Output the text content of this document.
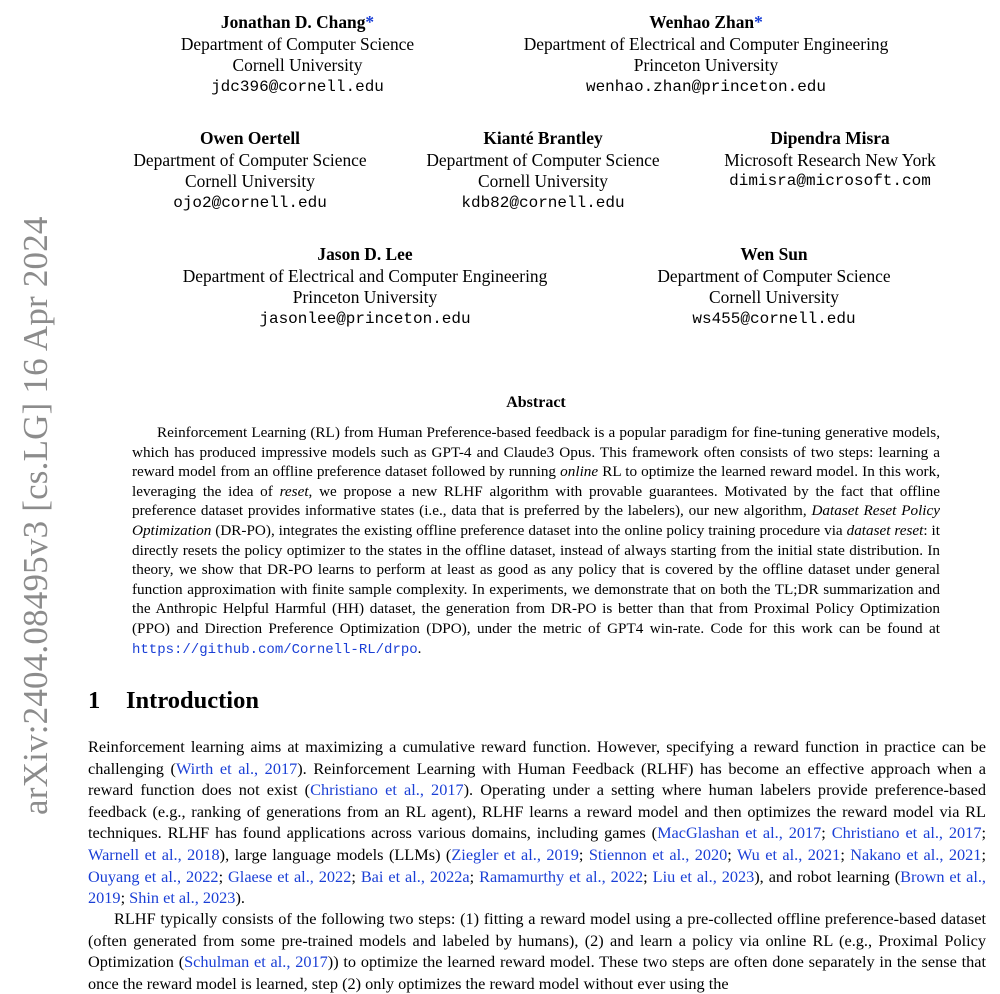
arXiv:2404.08495v3 [cs.LG] 16 Apr 2024
Jonathan D. Chang*
Department of Computer Science
Cornell University
jdc396@cornell.edu
Wenhao Zhan*
Department of Electrical and Computer Engineering
Princeton University
wenhao.zhan@princeton.edu
Owen Oertell
Department of Computer Science
Cornell University
ojo2@cornell.edu
Kianté Brantley
Department of Computer Science
Cornell University
kdb82@cornell.edu
Dipendra Misra
Microsoft Research New York
dimisra@microsoft.com
Jason D. Lee
Department of Electrical and Computer Engineering
Princeton University
jasonlee@princeton.edu
Wen Sun
Department of Computer Science
Cornell University
ws455@cornell.edu
Abstract

Reinforcement Learning (RL) from Human Preference-based feedback is a popular paradigm for fine-tuning generative models, which has produced impressive models such as GPT-4 and Claude3 Opus. This framework often consists of two steps: learning a reward model from an offline preference dataset followed by running online RL to optimize the learned reward model. In this work, leveraging the idea of reset, we propose a new RLHF algorithm with provable guarantees. Motivated by the fact that offline preference dataset provides informative states (i.e., data that is preferred by the labelers), our new algorithm, Dataset Reset Policy Optimization (DR-PO), integrates the existing offline preference dataset into the online policy training procedure via dataset reset: it directly resets the policy optimizer to the states in the offline dataset, instead of always starting from the initial state distribution. In theory, we show that DR-PO learns to perform at least as good as any policy that is covered by the offline dataset under general function approximation with finite sample complexity. In experiments, we demonstrate that on both the TL;DR summarization and the Anthropic Helpful Harmful (HH) dataset, the generation from DR-PO is better than that from Proximal Policy Optimization (PPO) and Direction Preference Optimization (DPO), under the metric of GPT4 win-rate. Code for this work can be found at https://github.com/Cornell-RL/drpo.

1 Introduction

Reinforcement learning aims at maximizing a cumulative reward function. However, specifying a reward function in practice can be challenging (Wirth et al., 2017). Reinforcement Learning with Human Feedback (RLHF) has become an effective approach when a reward function does not exist (Christiano et al., 2017). Operating under a setting where human labelers provide preference-based feedback (e.g., ranking of generations from an RL agent), RLHF learns a reward model and then optimizes the reward model via RL techniques. RLHF has found applications across various domains, including games (MacGlashan et al., 2017; Christiano et al., 2017; Warnell et al., 2018), large language models (LLMs) (Ziegler et al., 2019; Stiennon et al., 2020; Wu et al., 2021; Nakano et al., 2021; Ouyang et al., 2022; Glaese et al., 2022; Bai et al., 2022a; Ramamurthy et al., 2022; Liu et al., 2023), and robot learning (Brown et al., 2019; Shin et al., 2023).

RLHF typically consists of the following two steps: (1) fitting a reward model using a pre-collected offline preference-based dataset (often generated from some pre-trained models and labeled by humans), (2) and learn a policy via online RL (e.g., Proximal Policy Optimization (Schulman et al., 2017)) to optimize the learned reward model. These two steps are often done separately in the sense that once the reward model is learned, step (2) only optimizes the reward model without ever using the
